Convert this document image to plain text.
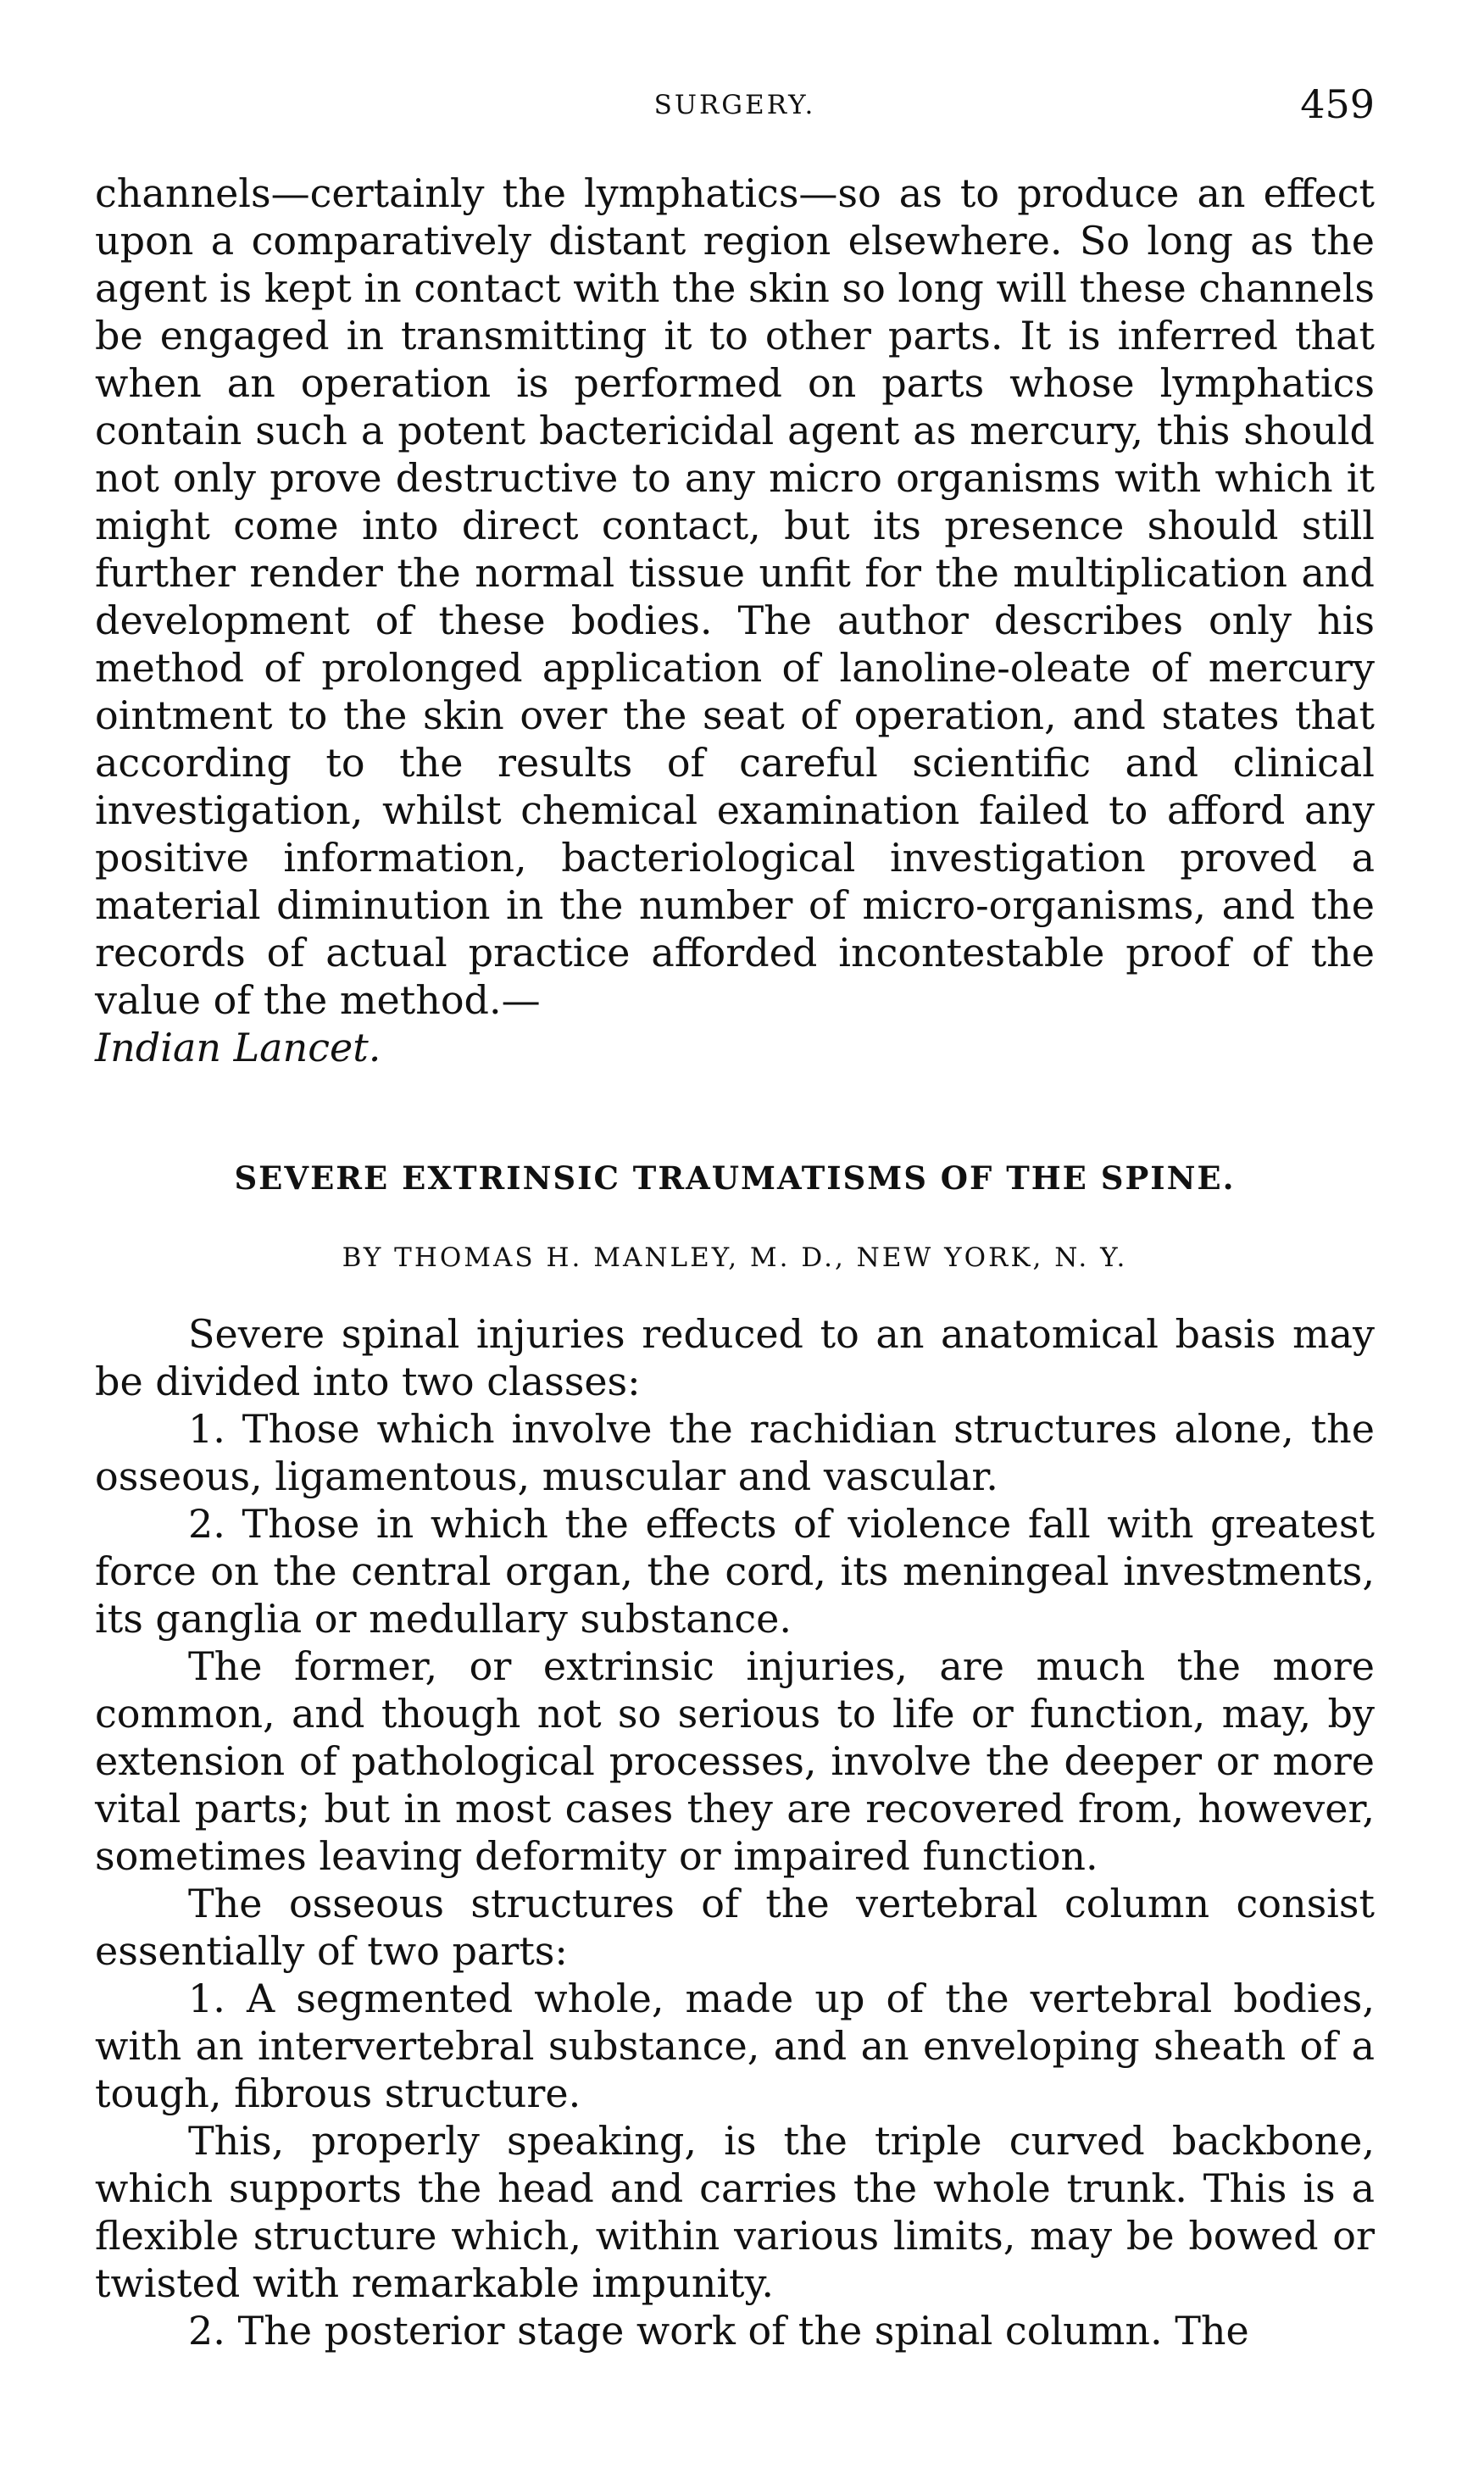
SURGERY.	459

channels—certainly the lymphatics—so as to produce an effect upon a comparatively distant region elsewhere. So long as the agent is kept in contact with the skin so long will these channels be engaged in transmitting it to other parts. It is inferred that when an operation is performed on parts whose lymphatics contain such a potent bactericidal agent as mercury, this should not only prove destructive to any micro organisms with which it might come into direct contact, but its presence should still further render the normal tissue unfit for the multiplication and development of these bodies. The author describes only his method of prolonged application of lanoline-oleate of mercury ointment to the skin over the seat of operation, and states that according to the results of careful scientific and clinical investigation, whilst chemical examination failed to afford any positive information, bacteriological investigation proved a material diminution in the number of micro-organisms, and the records of actual practice afforded incontestable proof of the value of the method.—
Indian Lancet.

SEVERE EXTRINSIC TRAUMATISMS OF THE SPINE.
BY THOMAS H. MANLEY, M. D., NEW YORK, N. Y.

Severe spinal injuries reduced to an anatomical basis may be divided into two classes:

1. Those which involve the rachidian structures alone, the osseous, ligamentous, muscular and vascular.

2. Those in which the effects of violence fall with greatest force on the central organ, the cord, its meningeal investments, its ganglia or medullary substance.

The former, or extrinsic injuries, are much the more common, and though not so serious to life or function, may, by extension of pathological processes, involve the deeper or more vital parts; but in most cases they are recovered from, however, sometimes leaving deformity or impaired function.

The osseous structures of the vertebral column consist essentially of two parts:

1. A segmented whole, made up of the vertebral bodies, with an intervertebral substance, and an enveloping sheath of a tough, fibrous structure.

This, properly speaking, is the triple curved backbone, which supports the head and carries the whole trunk. This is a flexible structure which, within various limits, may be bowed or twisted with remarkable impunity.

2. The posterior stage work of the spinal column. The
